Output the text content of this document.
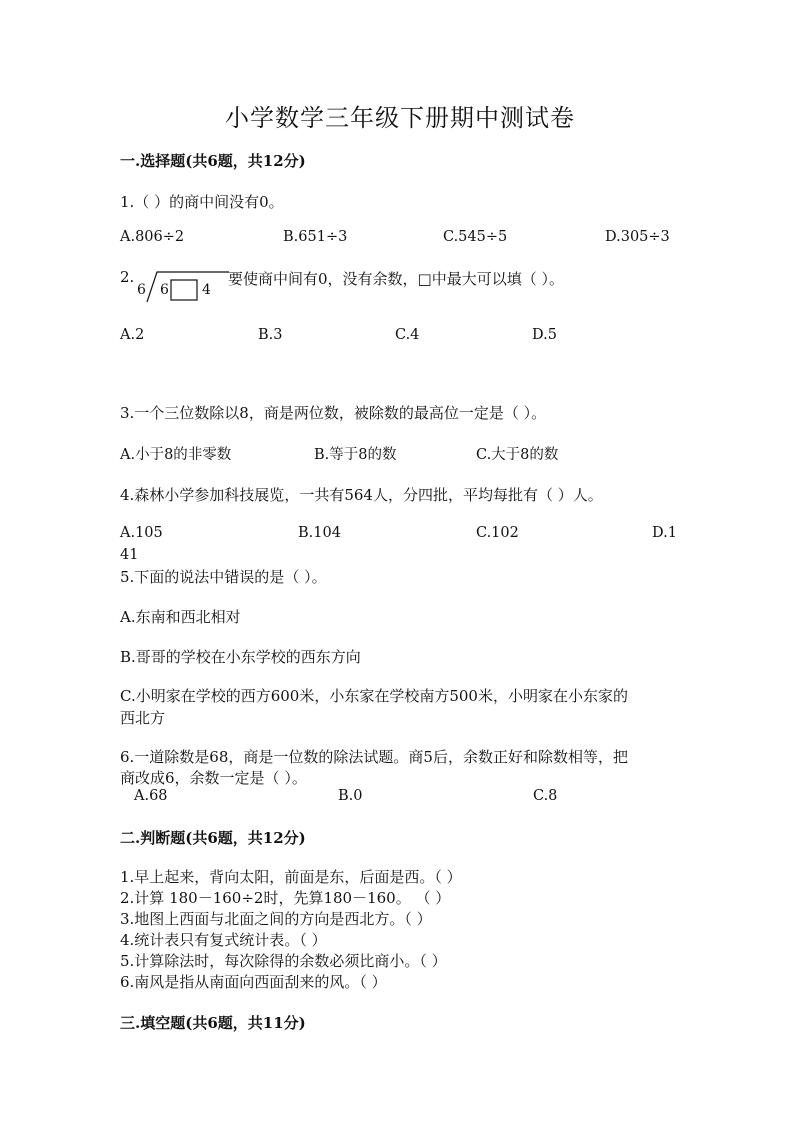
小学数学三年级下册期中测试卷
一.选择题(共6题，共12分)
1.（ ）的商中间没有0。
A.806÷2	B.651÷3	C.545÷5	D.305÷3
2.
6 6 4
要使商中间有0，没有余数，□中最大可以填（ ）。
A.2	B.3	C.4	D.5
3.一个三位数除以8，商是两位数，被除数的最高位一定是（ ）。
A.小于8的非零数	B.等于8的数	C.大于8的数
4.森林小学参加科技展览，一共有564人，分四批，平均每批有（ ）人。
A.105	B.104	C.102	D.1
41
5.下面的说法中错误的是（ ）。
A.东南和西北相对
B.哥哥的学校在小东学校的西东方向
C.小明家在学校的西方600米，小东家在学校南方500米，小明家在小东家的
西北方
6.一道除数是68，商是一位数的除法试题。商5后，余数正好和除数相等，把
商改成6，余数一定是（ ）。
A.68	B.0	C.8
二.判断题(共6题，共12分)
1.早上起来，背向太阳，前面是东，后面是西。（ ）
2.计算 180－160÷2时，先算180－160。 （ ）
3.地图上西面与北面之间的方向是西北方。（ ）
4.统计表只有复式统计表。（ ）
5.计算除法时，每次除得的余数必须比商小。（ ）
6.南风是指从南面向西面刮来的风。（ ）
三.填空题(共6题，共11分)
